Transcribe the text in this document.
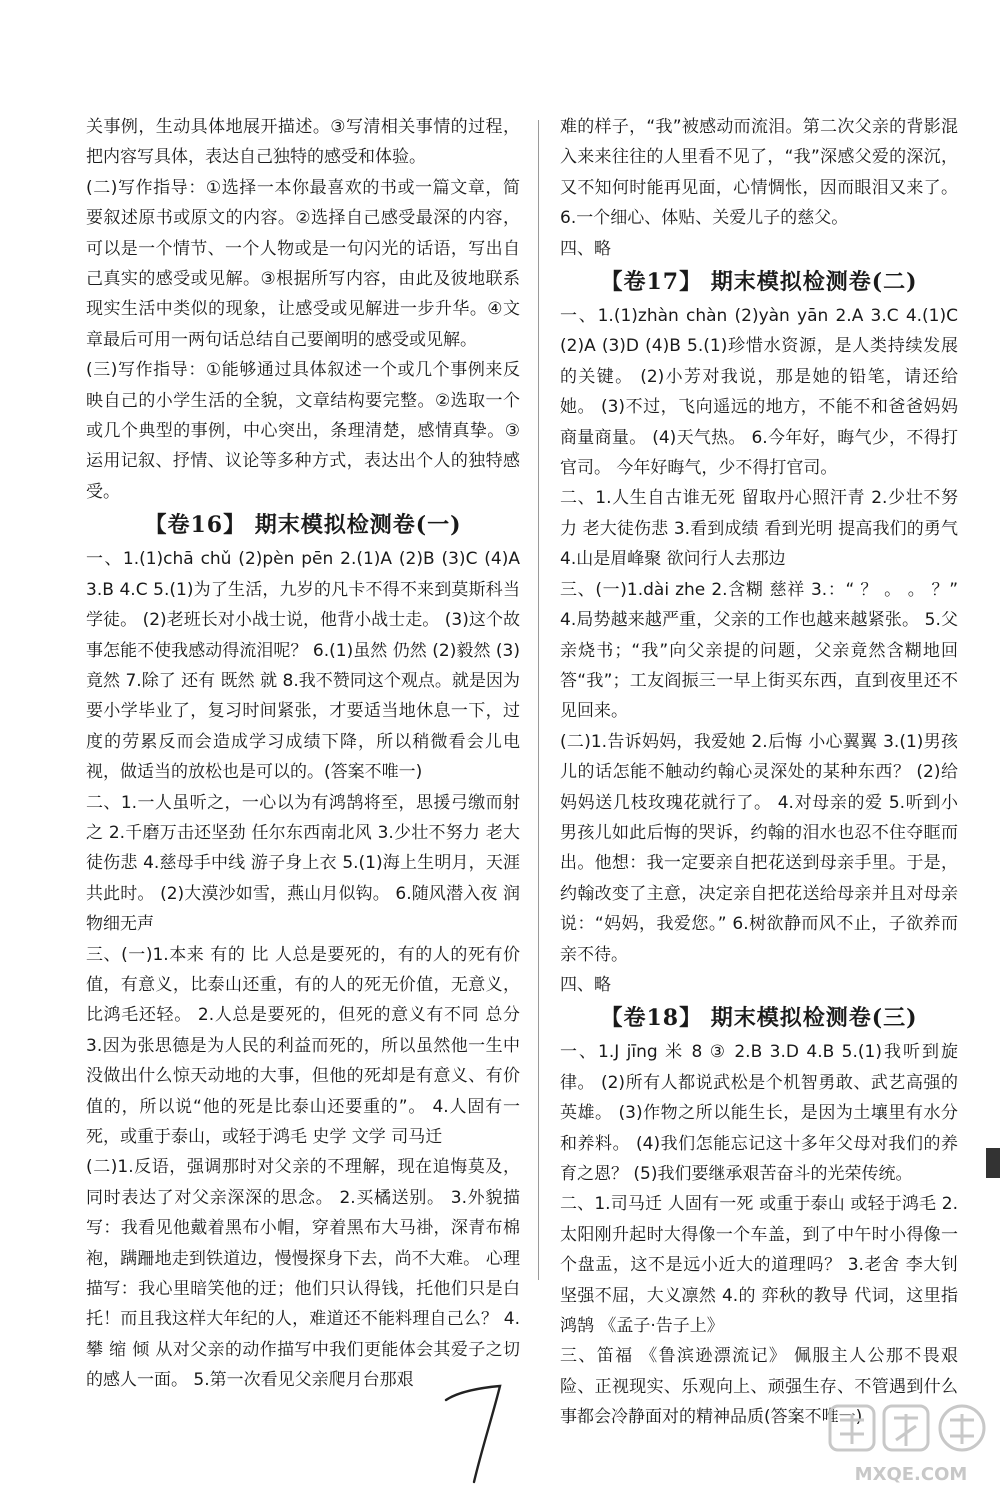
关事例，生动具体地展开描述。③写清相关事情的过程，把内容写具体，表达自己独特的感受和体验。

(二)写作指导：①选择一本你最喜欢的书或一篇文章，简要叙述原书或原文的内容。②选择自己感受最深的内容，可以是一个情节、一个人物或是一句闪光的话语，写出自己真实的感受或见解。③根据所写内容，由此及彼地联系现实生活中类似的现象，让感受或见解进一步升华。④文章最后可用一两句话总结自己要阐明的感受或见解。

(三)写作指导：①能够通过具体叙述一个或几个事例来反映自己的小学生活的全貌，文章结构要完整。②选取一个或几个典型的事例，中心突出，条理清楚，感情真挚。③运用记叙、抒情、议论等多种方式，表达出个人的独特感受。

【卷16】 期末模拟检测卷(一)

一、1.(1)chā chǔ (2)pèn pēn 2.(1)A (2)B (3)C (4)A 3.B 4.C 5.(1)为了生活，九岁的凡卡不得不来到莫斯科当学徒。 (2)老班长对小战士说，他背小战士走。 (3)这个故事怎能不使我感动得流泪呢？ 6.(1)虽然 仍然 (2)毅然 (3)竟然 7.除了 还有 既然 就 8.我不赞同这个观点。就是因为要小学毕业了，复习时间紧张，才要适当地休息一下，过度的劳累反而会造成学习成绩下降，所以稍微看会儿电视，做适当的放松也是可以的。(答案不唯一)

二、1.一人虽听之，一心以为有鸿鹄将至，思援弓缴而射之 2.千磨万击还坚劲 任尔东西南北风 3.少壮不努力 老大徒伤悲 4.慈母手中线 游子身上衣 5.(1)海上生明月，天涯共此时。 (2)大漠沙如雪，燕山月似钩。 6.随风潜入夜 润物细无声

三、(一)1.本来 有的 比 人总是要死的，有的人的死有价值，有意义，比泰山还重，有的人的死无价值，无意义，比鸿毛还轻。 2.人总是要死的，但死的意义有不同 总分 3.因为张思德是为人民的利益而死的，所以虽然他一生中没做出什么惊天动地的大事，但他的死却是有意义、有价值的，所以说“他的死是比泰山还要重的”。 4.人固有一死，或重于泰山，或轻于鸿毛 史学 文学 司马迁

(二)1.反语，强调那时对父亲的不理解，现在追悔莫及，同时表达了对父亲深深的思念。 2.买橘送别。 3.外貌描写：我看见他戴着黑布小帽，穿着黑布大马褂，深青布棉袍，蹒跚地走到铁道边，慢慢探身下去，尚不大难。 心理描写：我心里暗笑他的迂；他们只认得钱，托他们只是白托！而且我这样大年纪的人，难道还不能料理自己么？ 4.攀 缩 倾 从对父亲的动作描写中我们更能体会其爱子之切的感人一面。 5.第一次看见父亲爬月台那艰

难的样子，“我”被感动而流泪。第二次父亲的背影混入来来往往的人里看不见了，“我”深感父爱的深沉，又不知何时能再见面，心情惆怅，因而眼泪又来了。 6.一个细心、体贴、关爱儿子的慈父。

四、略

【卷17】 期末模拟检测卷(二)

一、1.(1)zhàn chàn (2)yàn yān 2.A 3.C 4.(1)C (2)A (3)D (4)B 5.(1)珍惜水资源，是人类持续发展的关键。 (2)小芳对我说，那是她的铅笔，请还给她。 (3)不过，飞向遥远的地方，不能不和爸爸妈妈商量商量。 (4)天气热。 6.今年好，晦气少，不得打官司。 今年好晦气，少不得打官司。

二、1.人生自古谁无死 留取丹心照汗青 2.少壮不努力 老大徒伤悲 3.看到成绩 看到光明 提高我们的勇气 4.山是眉峰聚 欲问行人去那边

三、(一)1.dài zhe 2.含糊 慈祥 3.：“ ？ 。 。 ？” 4.局势越来越严重，父亲的工作也越来越紧张。 5.父亲烧书；“我”向父亲提的问题，父亲竟然含糊地回答“我”；工友阎振三一早上街买东西，直到夜里还不见回来。

(二)1.告诉妈妈，我爱她 2.后悔 小心翼翼 3.(1)男孩儿的话怎能不触动约翰心灵深处的某种东西？ (2)给妈妈送几枝玫瑰花就行了。 4.对母亲的爱 5.听到小男孩儿如此后悔的哭诉，约翰的泪水也忍不住夺眶而出。他想：我一定要亲自把花送到母亲手里。于是，约翰改变了主意，决定亲自把花送给母亲并且对母亲说：“妈妈，我爱您。” 6.树欲静而风不止，子欲养而亲不待。

四、略

【卷18】 期末模拟检测卷(三)

一、1.J jīng 米 8 ③ 2.B 3.D 4.B 5.(1)我听到旋律。 (2)所有人都说武松是个机智勇敢、武艺高强的英雄。 (3)作物之所以能生长，是因为土壤里有水分和养料。 (4)我们怎能忘记这十多年父母对我们的养育之恩？ (5)我们要继承艰苦奋斗的光荣传统。

二、1.司马迁 人固有一死 或重于泰山 或轻于鸿毛 2.太阳刚升起时大得像一个车盖，到了中午时小得像一个盘盂，这不是远小近大的道理吗？ 3.老舍 李大钊 坚强不屈，大义凛然 4.的 弈秋的教导 代词，这里指鸿鹄 《孟子·告子上》

三、笛福 《鲁滨逊漂流记》 佩服主人公那不畏艰险、正视现实、乐观向上、顽强生存、不管遇到什么事都会冷静面对的精神品质(答案不唯一)

MXQE.COM
